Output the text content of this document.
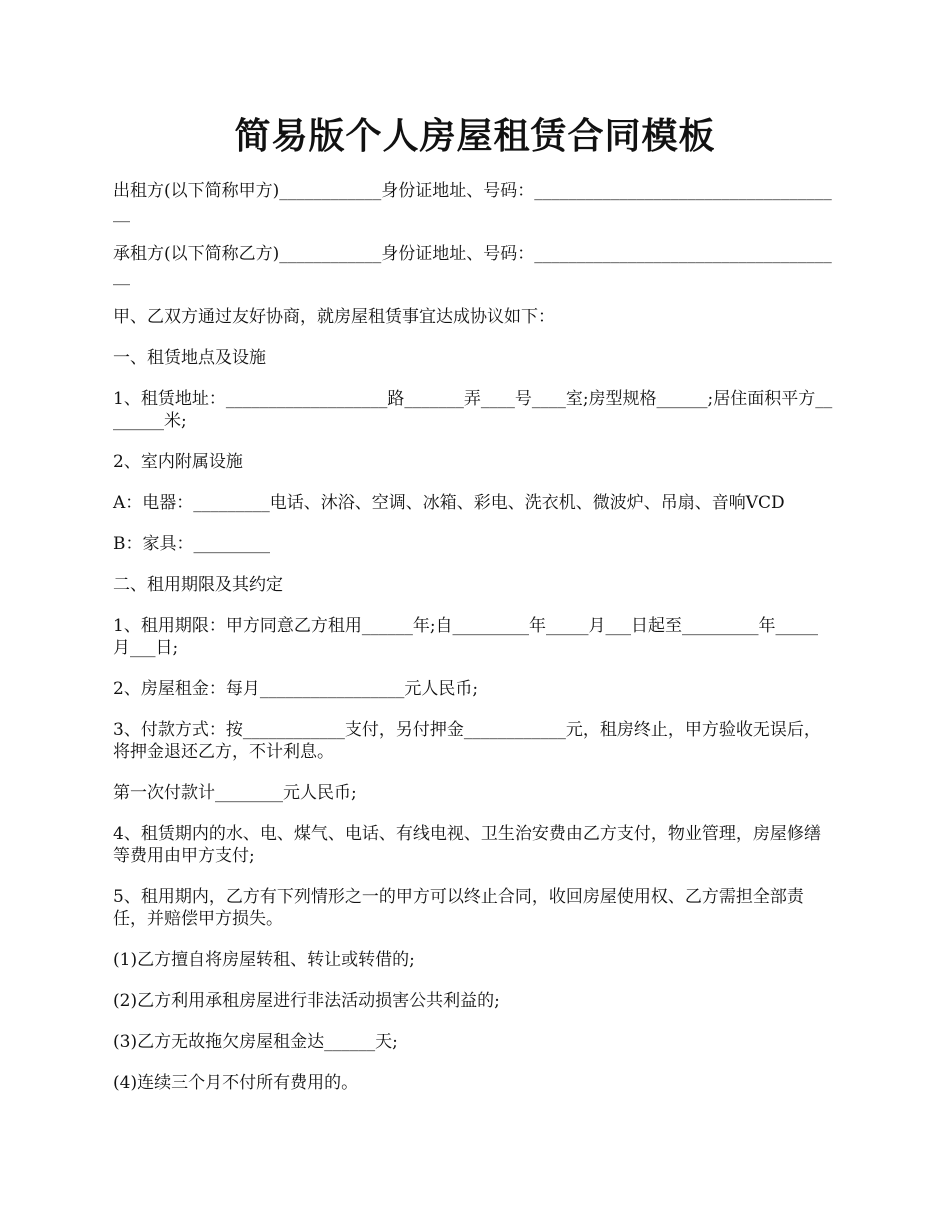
简易版个人房屋租赁合同模板

出租方(以下简称甲方)____________身份证地址、号码：_____________________________________

承租方(以下简称乙方)____________身份证地址、号码：_____________________________________

甲、乙双方通过友好协商，就房屋租赁事宜达成协议如下：

一、租赁地点及设施

1、租赁地址：___________________路_______弄____号____室;房型规格______;居住面积平方________米;

2、室内附属设施

A：电器：_________电话、沐浴、空调、冰箱、彩电、洗衣机、微波炉、吊扇、音响VCD

B：家具：_________

二、租用期限及其约定

1、租用期限：甲方同意乙方租用______年;自_________年_____月___日起至_________年_____月___日;

2、房屋租金：每月_________________元人民币;

3、付款方式：按____________支付，另付押金____________元，租房终止，甲方验收无误后，将押金退还乙方，不计利息。

第一次付款计________元人民币;

4、租赁期内的水、电、煤气、电话、有线电视、卫生治安费由乙方支付，物业管理，房屋修缮等费用由甲方支付;

5、租用期内，乙方有下列情形之一的甲方可以终止合同，收回房屋使用权、乙方需担全部责任，并赔偿甲方损失。

(1)乙方擅自将房屋转租、转让或转借的;

(2)乙方利用承租房屋进行非法活动损害公共利益的;

(3)乙方无故拖欠房屋租金达______天;

(4)连续三个月不付所有费用的。
